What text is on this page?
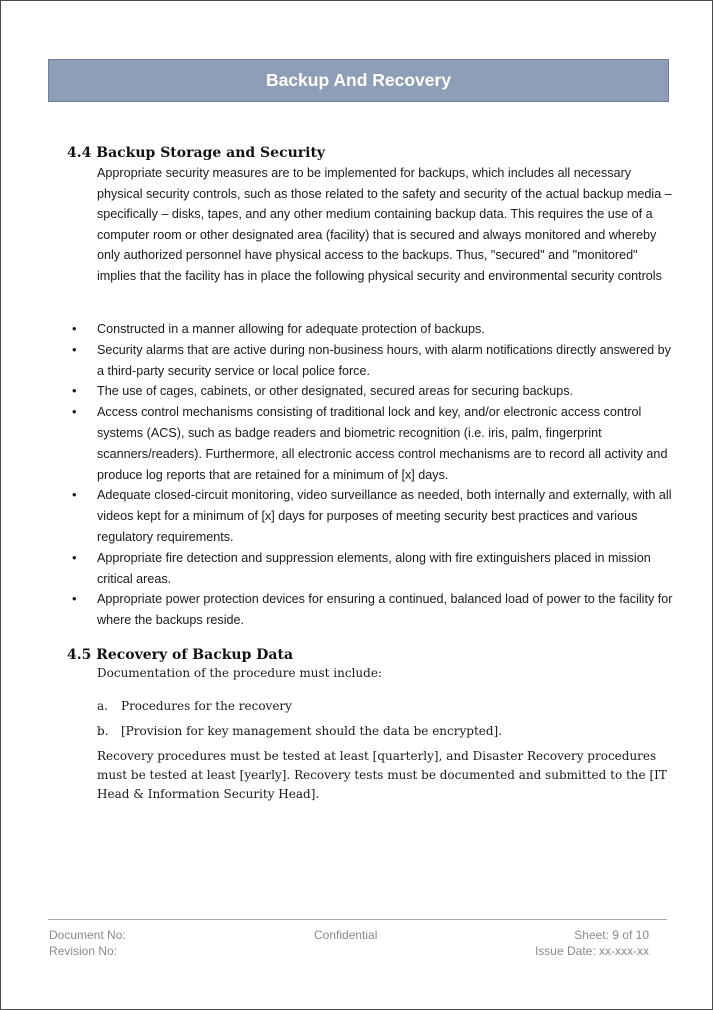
Backup And Recovery
4.4 Backup Storage and Security
Appropriate security measures are to be implemented for backups, which includes all necessary physical security controls, such as those related to the safety and security of the actual backup media – specifically – disks, tapes, and any other medium containing backup data. This requires the use of a computer room or other designated area (facility) that is secured and always monitored and whereby only authorized personnel have physical access to the backups. Thus, "secured" and "monitored" implies that the facility has in place the following physical security and environmental security controls
• Constructed in a manner allowing for adequate protection of backups.
• Security alarms that are active during non-business hours, with alarm notifications directly answered by a third-party security service or local police force.
• The use of cages, cabinets, or other designated, secured areas for securing backups.
• Access control mechanisms consisting of traditional lock and key, and/or electronic access control systems (ACS), such as badge readers and biometric recognition (i.e. iris, palm, fingerprint scanners/readers). Furthermore, all electronic access control mechanisms are to record all activity and produce log reports that are retained for a minimum of [x] days.
• Adequate closed-circuit monitoring, video surveillance as needed, both internally and externally, with all videos kept for a minimum of [x] days for purposes of meeting security best practices and various regulatory requirements.
• Appropriate fire detection and suppression elements, along with fire extinguishers placed in mission critical areas.
• Appropriate power protection devices for ensuring a continued, balanced load of power to the facility for where the backups reside.
4.5 Recovery of Backup Data
Documentation of the procedure must include:
a. Procedures for the recovery
b. [Provision for key management should the data be encrypted].
Recovery procedures must be tested at least [quarterly], and Disaster Recovery procedures must be tested at least [yearly]. Recovery tests must be documented and submitted to the [IT Head & Information Security Head].
Document No:
Revision No:
Confidential	Sheet: 9 of 10
Issue Date: xx-xxx-xx
